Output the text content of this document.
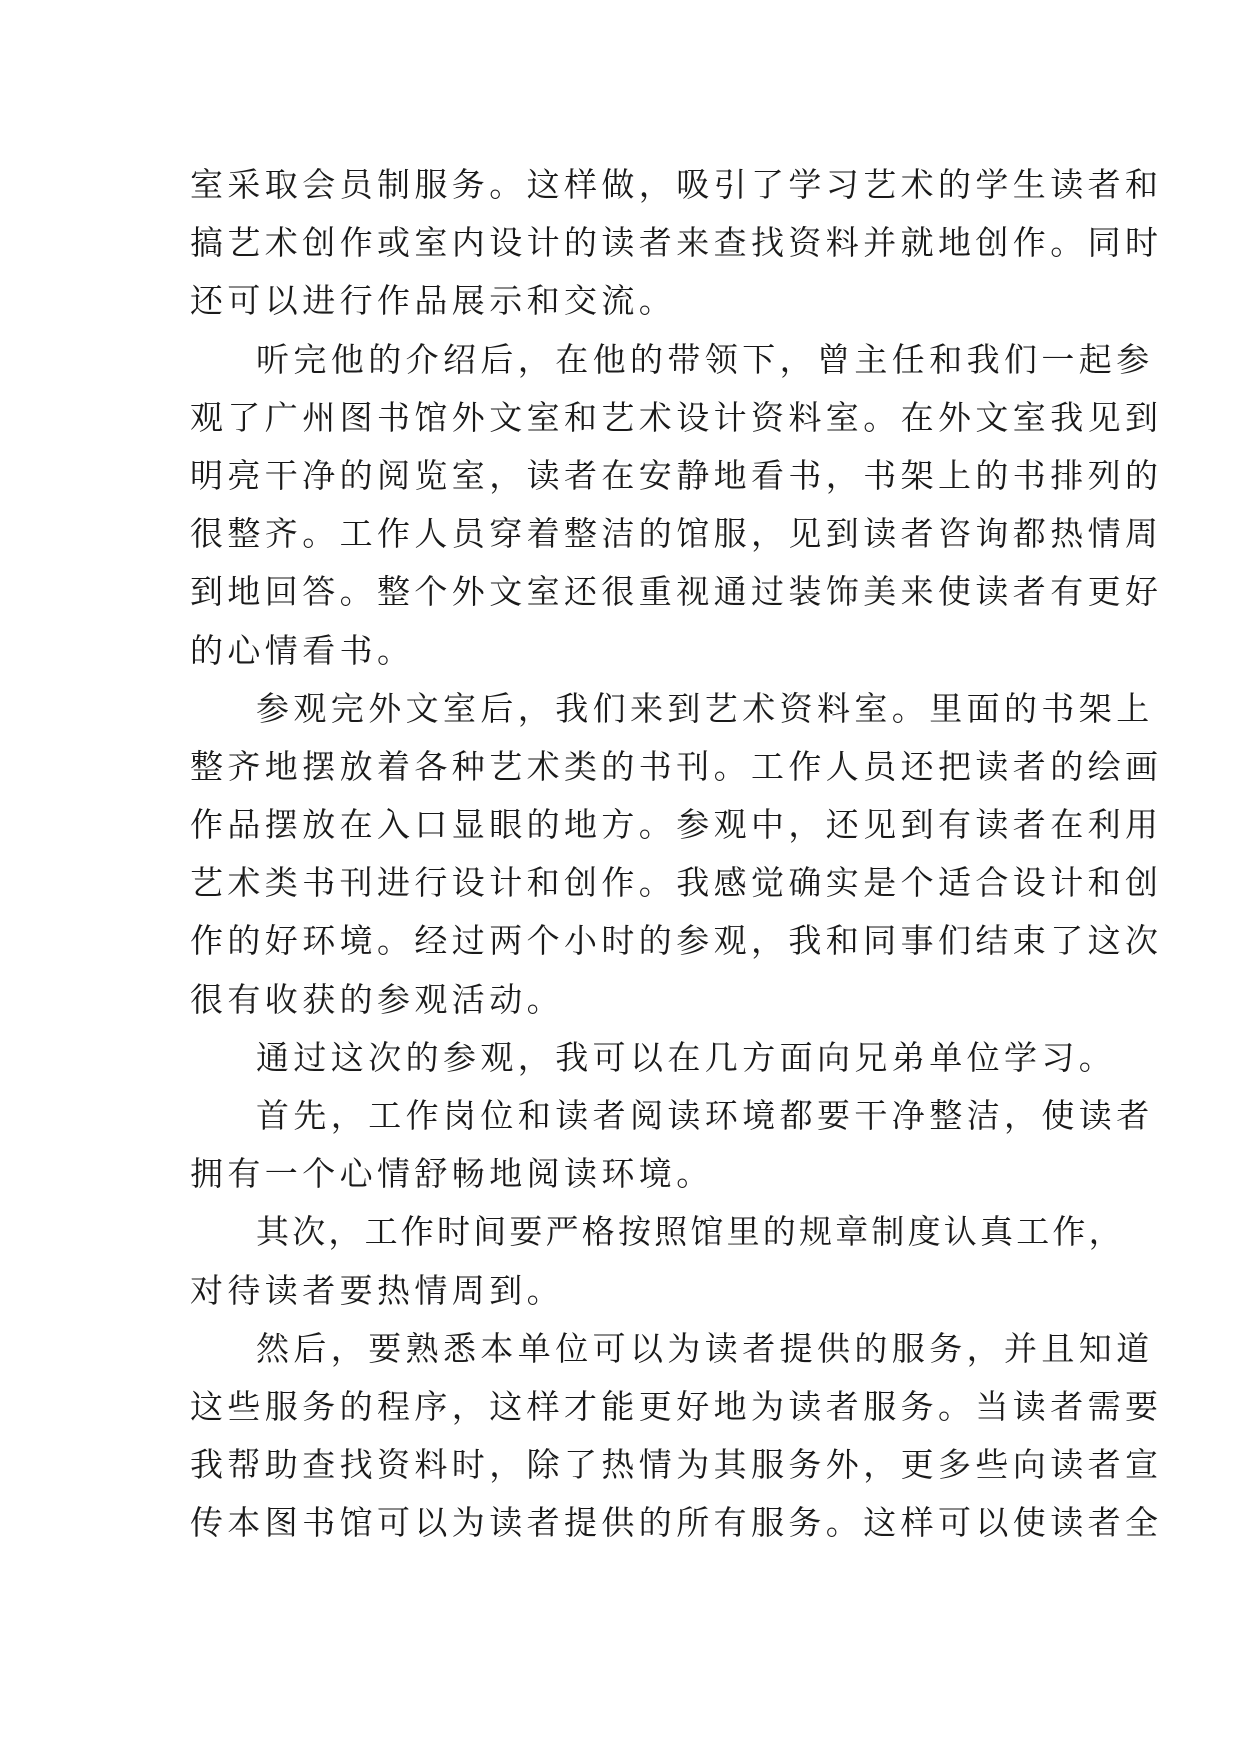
室采取会员制服务。这样做，吸引了学习艺术的学生读者和
搞艺术创作或室内设计的读者来查找资料并就地创作。同时
还可以进行作品展示和交流。
听完他的介绍后，在他的带领下，曾主任和我们一起参
观了广州图书馆外文室和艺术设计资料室。在外文室我见到
明亮干净的阅览室，读者在安静地看书，书架上的书排列的
很整齐。工作人员穿着整洁的馆服，见到读者咨询都热情周
到地回答。整个外文室还很重视通过装饰美来使读者有更好
的心情看书。
参观完外文室后，我们来到艺术资料室。里面的书架上
整齐地摆放着各种艺术类的书刊。工作人员还把读者的绘画
作品摆放在入口显眼的地方。参观中，还见到有读者在利用
艺术类书刊进行设计和创作。我感觉确实是个适合设计和创
作的好环境。经过两个小时的参观，我和同事们结束了这次
很有收获的参观活动。
通过这次的参观，我可以在几方面向兄弟单位学习。
首先，工作岗位和读者阅读环境都要干净整洁，使读者
拥有一个心情舒畅地阅读环境。
其次，工作时间要严格按照馆里的规章制度认真工作，
对待读者要热情周到。
然后，要熟悉本单位可以为读者提供的服务，并且知道
这些服务的程序，这样才能更好地为读者服务。当读者需要
我帮助查找资料时，除了热情为其服务外，更多些向读者宣
传本图书馆可以为读者提供的所有服务。这样可以使读者全
